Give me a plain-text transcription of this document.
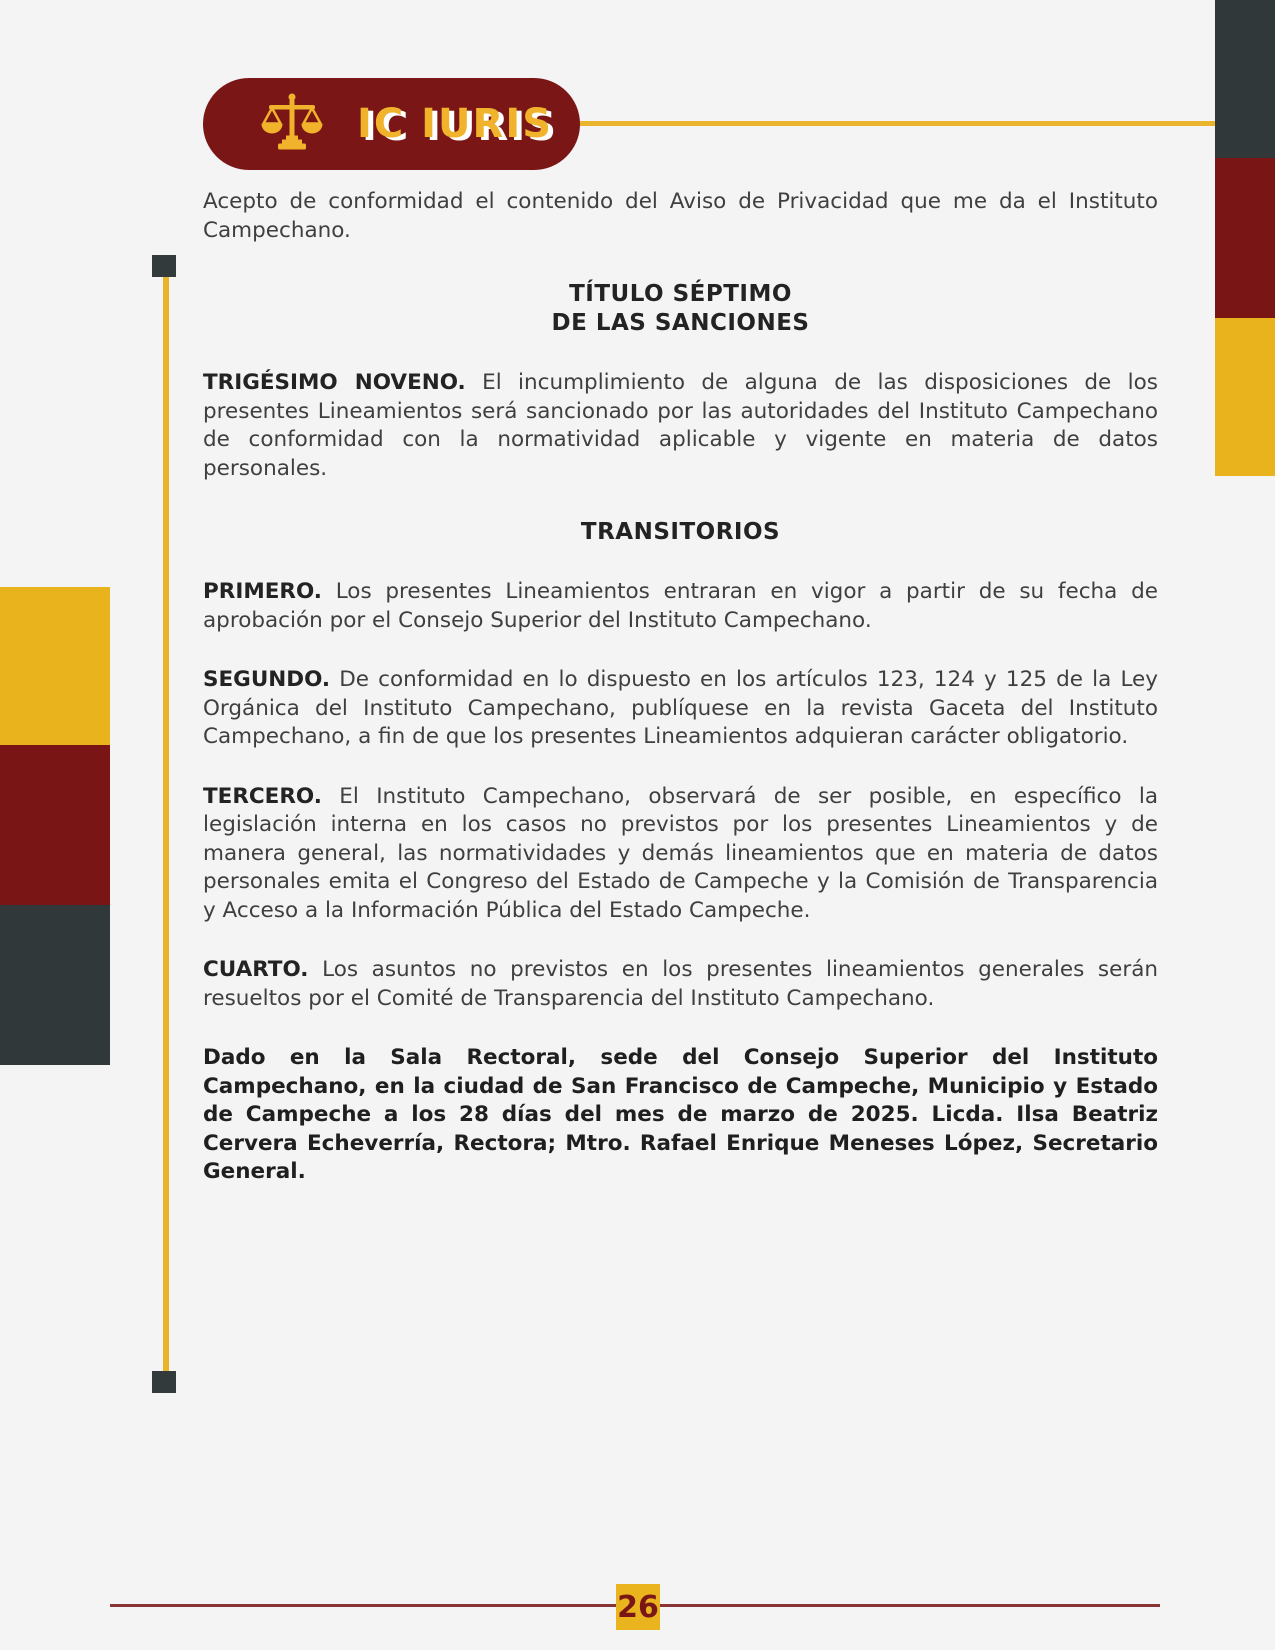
IC IURIS

Acepto de conformidad el contenido del Aviso de Privacidad que me da el Instituto Campechano.

TÍTULO SÉPTIMO
DE LAS SANCIONES

TRIGÉSIMO NOVENO. El incumplimiento de alguna de las disposiciones de los presentes Lineamientos será sancionado por las autoridades del Instituto Campechano de conformidad con la normatividad aplicable y vigente en materia de datos personales.

TRANSITORIOS

PRIMERO. Los presentes Lineamientos entraran en vigor a partir de su fecha de aprobación por el Consejo Superior del Instituto Campechano.

SEGUNDO. De conformidad en lo dispuesto en los artículos 123, 124 y 125 de la Ley Orgánica del Instituto Campechano, publíquese en la revista Gaceta del Instituto Campechano, a fin de que los presentes Lineamientos adquieran carácter obligatorio.

TERCERO. El Instituto Campechano, observará de ser posible, en específico la legislación interna en los casos no previstos por los presentes Lineamientos y de manera general, las normatividades y demás lineamientos que en materia de datos personales emita el Congreso del Estado de Campeche y la Comisión de Transparencia y Acceso a la Información Pública del Estado Campeche.

CUARTO. Los asuntos no previstos en los presentes lineamientos generales serán resueltos por el Comité de Transparencia del Instituto Campechano.

Dado en la Sala Rectoral, sede del Consejo Superior del Instituto Campechano, en la ciudad de San Francisco de Campeche, Municipio y Estado de Campeche a los 28 días del mes de marzo de 2025. Licda. Ilsa Beatriz Cervera Echeverría, Rectora; Mtro. Rafael Enrique Meneses López, Secretario General.

26
